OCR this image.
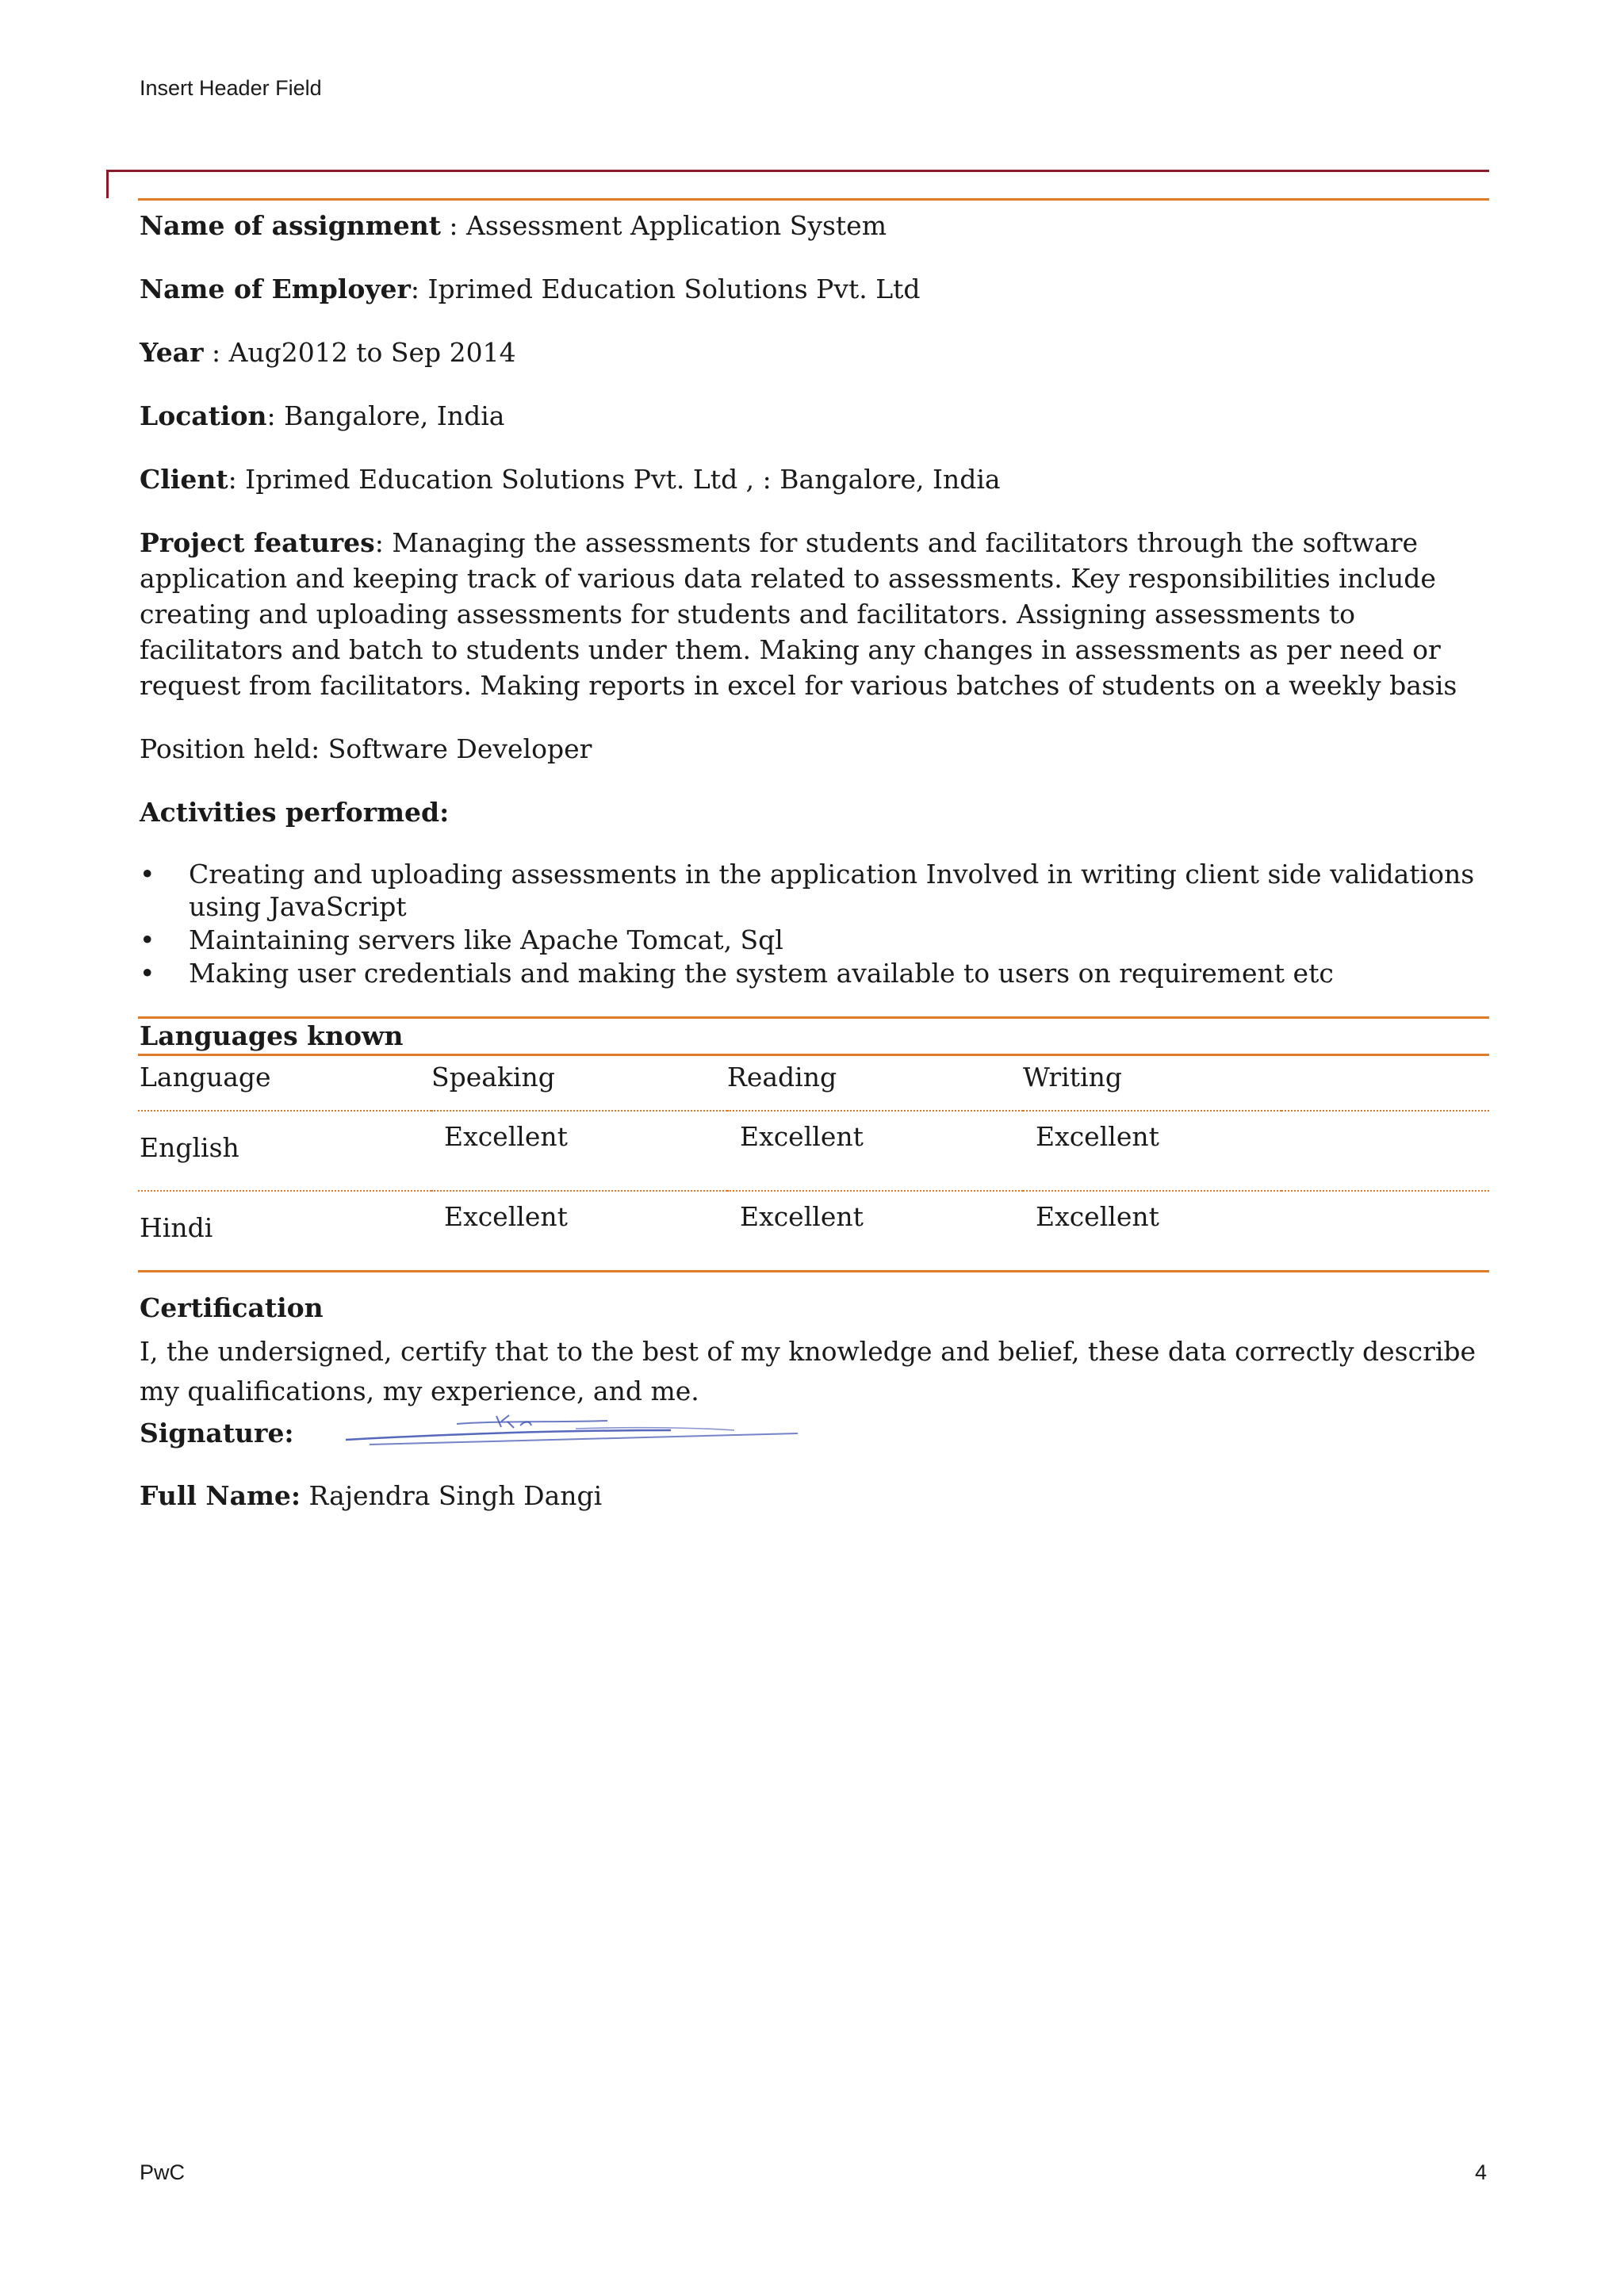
Insert Header Field
Name of assignment : Assessment Application System
Name of Employer: Iprimed Education Solutions Pvt. Ltd
Year : Aug2012 to Sep 2014
Location: Bangalore, India
Client: Iprimed Education Solutions Pvt. Ltd , : Bangalore, India
Project features: Managing the assessments for students and facilitators through the software application and keeping track of various data related to assessments. Key responsibilities include creating and uploading assessments for students and facilitators. Assigning assessments to facilitators and batch to students under them. Making any changes in assessments as per need or request from facilitators. Making reports in excel for various batches of students on a weekly basis
Position held: Software Developer
Activities performed:
• Creating and uploading assessments in the application Involved in writing client side validations using JavaScript
• Maintaining servers like Apache Tomcat, Sql
• Making user credentials and making the system available to users on requirement etc
Languages known
Language	Speaking	Reading	Writing	
English	Excellent	Excellent	Excellent	
Hindi	Excellent	Excellent	Excellent	
Certification
I, the undersigned, certify that to the best of my knowledge and belief, these data correctly describe
my qualifications, my experience, and me.
Signature:
Full Name: Rajendra Singh Dangi
PwC	4
